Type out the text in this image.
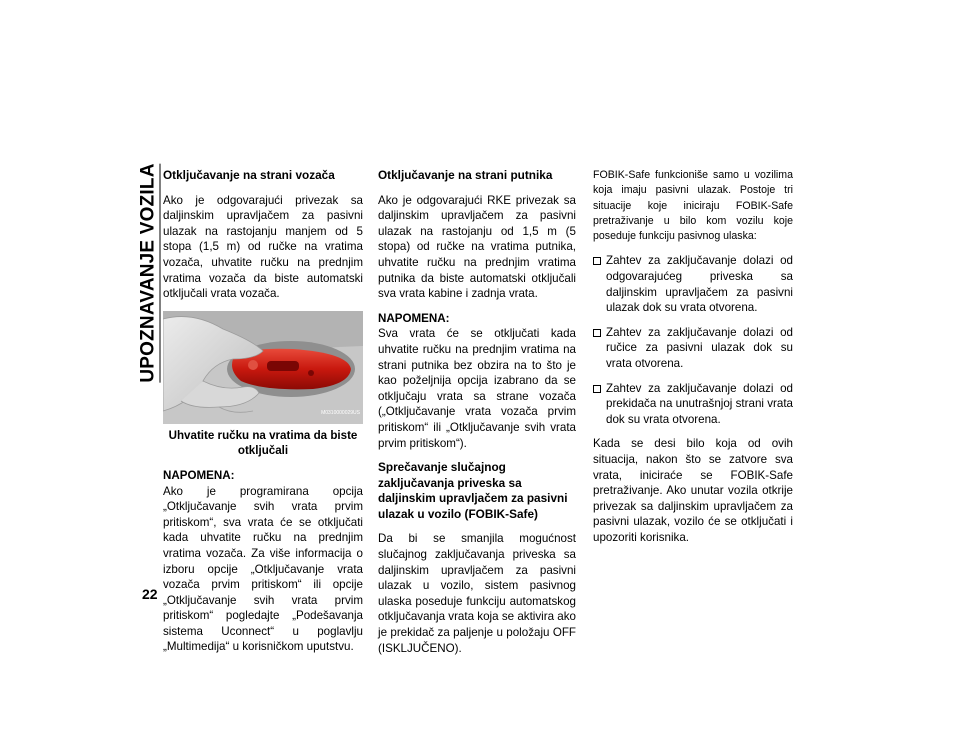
UPOZNAVANJE VOZILA
22
Otključavanje na strani vozača

Ako je odgovarajući privezak sa daljinskim upravljačem za pasivni ulazak na rastojanju manjem od 5 stopa (1,5 m) od ručke na vratima vozača, uhvatite ručku na prednjim vratima vozača da biste automatski otključali vrata vozača.

M0310000029US
Uhvatite ručku na vratima da biste otključali
NAPOMENA:

Ako je programirana opcija „Otključavanje svih vrata prvim pritiskom“, sva vrata će se otključati kada uhvatite ručku na prednjim vratima vozača. Za više informacija o izboru opcije „Otključavanje vrata vozača prvim pritiskom“ ili opcije „Otključavanje svih vrata prvim pritiskom“ pogledajte „Podešavanja sistema Uconnect“ u poglavlju „Multimedija“ u korisničkom uputstvu.

Otključavanje na strani putnika

Ako je odgovarajući RKE privezak sa daljinskim upravljačem za pasivni ulazak na rastojanju od 1,5 m (5 stopa) od ručke na vratima putnika, uhvatite ručku na prednjim vratima putnika da biste automatski otključali sva vrata kabine i zadnja vrata.

NAPOMENA:

Sva vrata će se otključati kada uhvatite ručku na prednjim vratima na strani putnika bez obzira na to što je kao poželjnija opcija izabrano da se otključaju vrata sa strane vozača („Otključavanje vrata vozača prvim pritiskom“ ili „Otključavanje svih vrata prvim pritiskom“).

Sprečavanje slučajnog zaključavanja priveska sa daljinskim upravljačem za pasivni ulazak u vozilo (FOBIK-Safe)

Da bi se smanjila mogućnost slučajnog zaključavanja priveska sa daljinskim upravljačem za pasivni ulazak u vozilo, sistem pasivnog ulaska poseduje funkciju automatskog otključavanja vrata koja se aktivira ako je prekidač za paljenje u položaju OFF (ISKLJUČENO).

FOBIK-Safe funkcioniše samo u vozilima koja imaju pasivni ulazak. Postoje tri situacije koje iniciraju FOBIK-Safe pretraživanje u bilo kom vozilu koje poseduje funkciju pasivnog ulaska:

Zahtev za zaključavanje dolazi od odgovarajućeg priveska sa daljinskim upravljačem za pasivni ulazak dok su vrata otvorena.
Zahtev za zaključavanje dolazi od ručice za pasivni ulazak dok su vrata otvorena.
Zahtev za zaključavanje dolazi od prekidača na unutrašnjoj strani vrata dok su vrata otvorena.

Kada se desi bilo koja od ovih situacija, nakon što se zatvore sva vrata, iniciraće se FOBIK-Safe pretraživanje. Ako unutar vozila otkrije privezak sa daljinskim upravljačem za pasivni ulazak, vozilo će se otključati i upozoriti korisnika.
